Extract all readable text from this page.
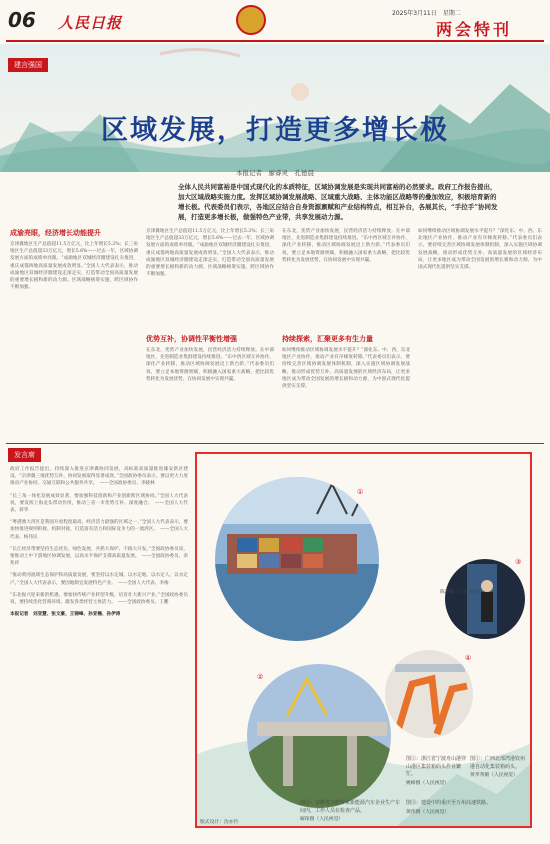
06 人民日报
2025年3月11日　星期二
两会特刊
建言强国
区域发展，打造更多增长极
本报记者　廖睿灵　孔德晨
全体人民共同富裕是中国式现代化的本质特征，区域协调发展是实现共同富裕的必然要求。政府工作报告提出，加大区域战略实施力度。发挥区域协调发展战略、区域重大战略、主体功能区战略等的叠加效应，积极培育新的增长极。代表委员们表示，各地区应结合自身资源禀赋和产业结构特点，相互补台，各展其长，“手拉手”协同发展，打造更多增长极，做强特色产业带，共享发展动力源。
成渝亮眼，经济增长动能提升
京津冀地区生产总值超11.5万亿元，比上年增长5.2%；长三角地区生产总值超33万亿元，增长5.6%——过去一年，区域协调发展方面的成绩单亮眼。“成渝地区双城经济圈建设扎实推进，重庆成都两地高质量发展成效明显。”全国人大代表表示，推动成渝地区双城经济圈建设走深走实，打造带动全国高质量发展的重要增长极和新的动力源。区域战略统筹实施，跨区域协作不断加强。
京津冀地区生产总值超11.5万亿元，比上年增长5.2%；长三角地区生产总值超33万亿元，增长5.6%——过去一年，区域协调发展方面的成绩单亮眼。“成渝地区双城经济圈建设扎实推进，重庆成都两地高质量发展成效明显。”全国人大代表表示，推动成渝地区双城经济圈建设走深走实，打造带动全国高质量发展的重要增长极和新的动力源。区域战略统筹实施，跨区域协作不断加强。
优势互补，协调性平衡性增强
在东北，优势产业加快发展，民营经济活力持续释放。在中部地区，先进制造业集群建设持续推进。“东中西区域互补协作，深化产业转移，推动区域协调发展迈上新台阶。”代表委员们说，要立足本地资源禀赋，积极融入国家重大战略，把比较优势转化为发展优势，在协同发展中实现共赢。
在东北，优势产业加快发展，民营经济活力持续释放。在中部地区，先进制造业集群建设持续推进。“东中西区域互补协作，深化产业转移，推动区域协调发展迈上新台阶。”代表委员们说，要立足本地资源禀赋，积极融入国家重大战略，把比较优势转化为发展优势，在协同发展中实现共赢。
持续探索，汇聚更多有生力量
如何继续推动区域协调发展水平提升？“深化东、中、西、东北地区产业协作，推动产业有序梯度转移。”代表委员们表示，要持续完善区域协调发展体制机制，深入实施区域协调发展战略，推动形成优势互补、高质量发展的区域经济布局，让更多地区成为带动全国发展的增长极和动力源，为中国式现代化提供坚实支撑。
如何继续推动区域协调发展水平提升？“深化东、中、西、东北地区产业协作，推动产业有序梯度转移。”代表委员们表示，要持续完善区域协调发展体制机制，深入实施区域协调发展战略，推动形成优势互补、高质量发展的区域经济布局，让更多地区成为带动全国发展的增长极和动力源，为中国式现代化提供坚实支撑。
发言席
政府工作报告提出，持续深入推进京津冀协同发展，高标准高质量推进雄安新区建设。“京津冀三地优势互补，协同发展取得显著成效。”全国政协委员表示，要以更大力度推动产业协同、交通互联和公共服务共享。　——全国政协委员、李晓林
“长三角一体化发展成效显著，要加强科技创新和产业创新跨区域协同。”全国人大代表说，要发挥上海龙头带动作用，推动三省一市优势互补、深度融合。　——全国人大代表、蒋华
“粤港澳大湾区是我国开放程度最高、经济活力最强的区域之一。”全国人大代表表示，要加快推进规则衔接、机制对接，打造富有活力和国际竞争力的一流湾区。　——全国人大代表、杨伟民
“长江经济带要坚持生态优先、绿色发展，共抓大保护、不搞大开发。”全国政协委员说，要推动上中下游地区协调发展，以高水平保护支撑高质量发展。　——全国政协委员、余兆祥
“推动黄河流域生态保护和高质量发展，要坚持以水定城、以水定地、以水定人、以水定产。”全国人大代表表示，要因地制宜发展特色产业。　——全国人大代表、李俊
“东北振兴迎来新的机遇，要加快传统产业转型升级，培育壮大新兴产业。”全国政协委员说，要持续优化营商环境，激发各类经营主体活力。　——全国政协委员、王鹏
本报记者　刘亚慧、张文豪、王锦峰、孙亚楠、孙伊涛
①
③
④
②
陈涛摄（人民视觉）
图①：广西北部湾港钦州港自动化集装箱码头。
黄孝邦摄（人民视觉）
图②：浙江省宁波舟山港穿山港区集装箱码头作业繁忙。
姚峰摄（人民视觉）
图③：建设中的重庆至万州高速铁路。
黄伟摄（人民视觉）
图⑤：安徽省合肥市某新能源汽车企业生产车间内，工作人员在检查产品。
解琛摄（人民视觉）
版式设计：沈亦伶
